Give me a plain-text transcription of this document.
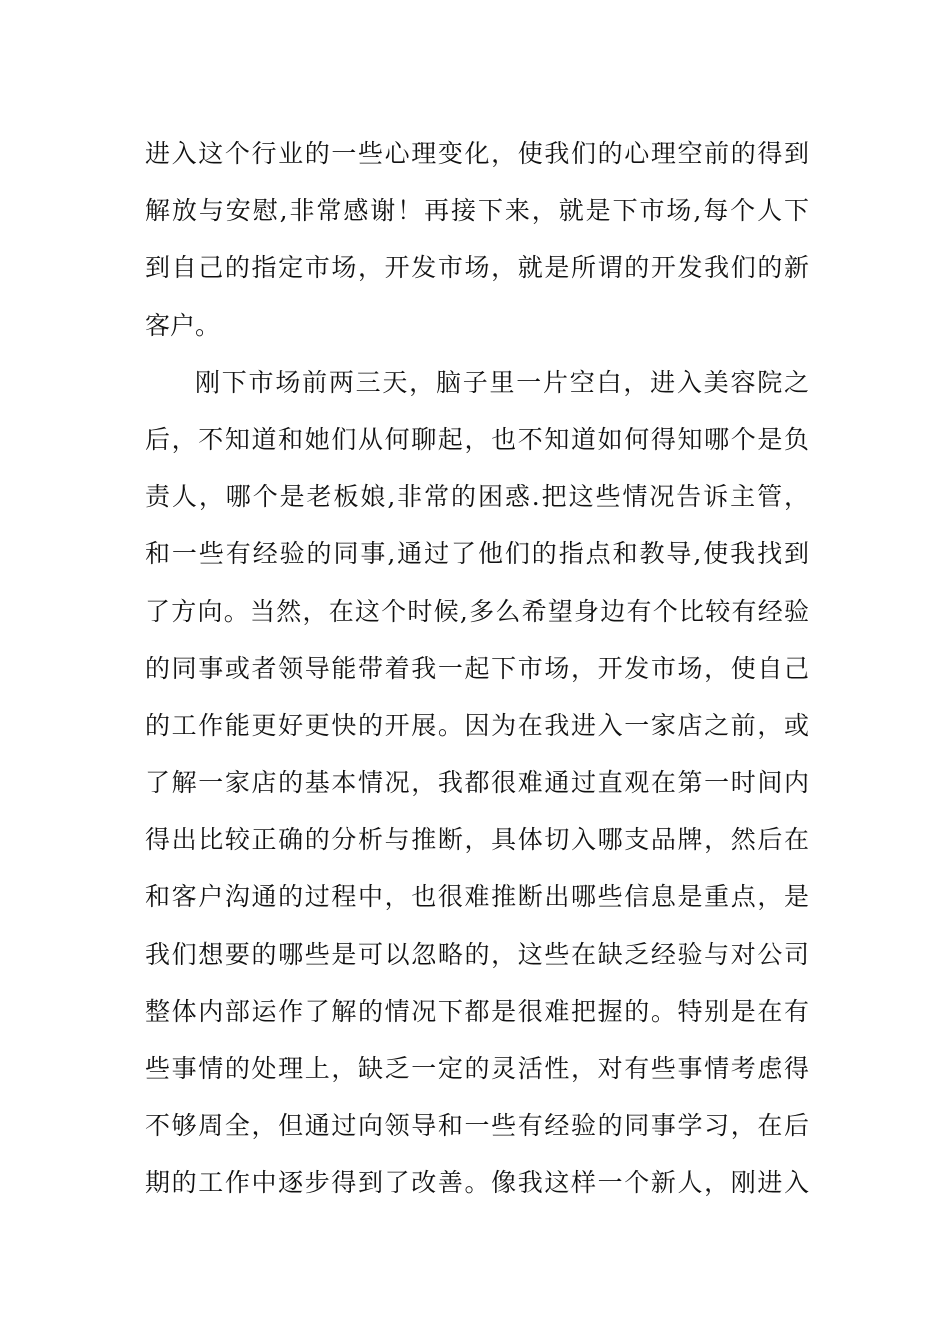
进入这个行业的一些心理变化，使我们的心理空前的得到
解放与安慰,非常感谢！再接下来，就是下市场,每个人下
到自己的指定市场，开发市场，就是所谓的开发我们的新
客户。
刚下市场前两三天，脑子里一片空白，进入美容院之
后，不知道和她们从何聊起，也不知道如何得知哪个是负
责人，哪个是老板娘,非常的困惑.把这些情况告诉主管，
和一些有经验的同事,通过了他们的指点和教导,使我找到
了方向。当然，在这个时候,多么希望身边有个比较有经验
的同事或者领导能带着我一起下市场，开发市场，使自己
的工作能更好更快的开展。因为在我进入一家店之前，或
了解一家店的基本情况，我都很难通过直观在第一时间内
得出比较正确的分析与推断，具体切入哪支品牌，然后在
和客户沟通的过程中，也很难推断出哪些信息是重点，是
我们想要的哪些是可以忽略的，这些在缺乏经验与对公司
整体内部运作了解的情况下都是很难把握的。特别是在有
些事情的处理上，缺乏一定的灵活性，对有些事情考虑得
不够周全，但通过向领导和一些有经验的同事学习，在后
期的工作中逐步得到了改善。像我这样一个新人，刚进入
